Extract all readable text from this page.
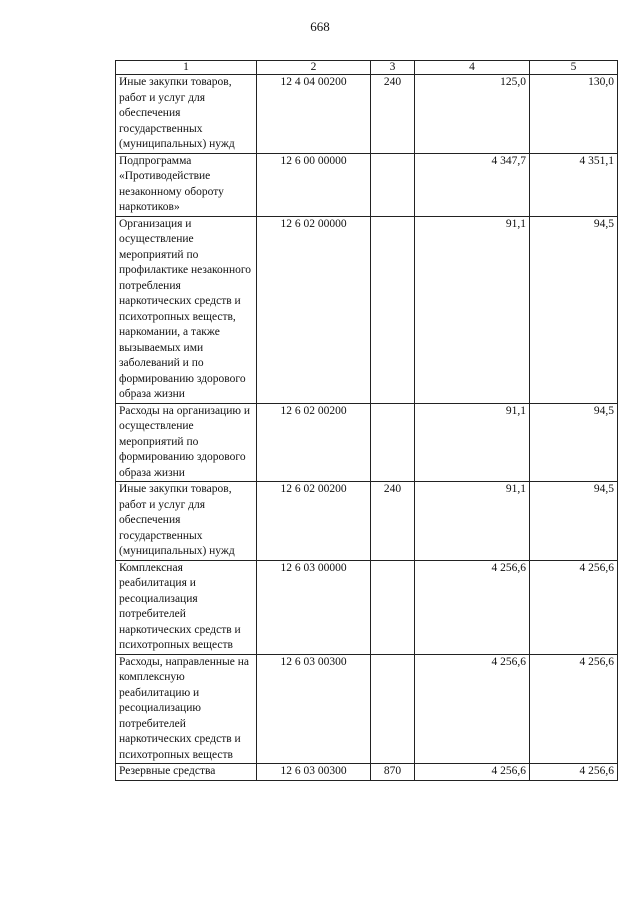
668
1	2	3	4	5
Иные закупки товаров, работ и услуг для обеспечения государственных (муниципальных) нужд	12 4 04 00200	240	125,0	130,0
Подпрограмма «Противодействие незаконному обороту наркотиков»	12 6 00 00000		4 347,7	4 351,1
Организация и осуществление мероприятий по профилактике незаконного потребления наркотических средств и психотропных веществ, наркомании, а также вызываемых ими заболеваний и по формированию здорового образа жизни	12 6 02 00000		91,1	94,5
Расходы на организацию и осуществление мероприятий по формированию здорового образа жизни	12 6 02 00200		91,1	94,5
Иные закупки товаров, работ и услуг для обеспечения государственных (муниципальных) нужд	12 6 02 00200	240	91,1	94,5
Комплексная реабилитация и ресоциализация потребителей наркотических средств и психотропных веществ	12 6 03 00000		4 256,6	4 256,6
Расходы, направленные на комплексную реабилитацию и ресоциализацию потребителей наркотических средств и психотропных веществ	12 6 03 00300		4 256,6	4 256,6
Резервные средства	12 6 03 00300	870	4 256,6	4 256,6
